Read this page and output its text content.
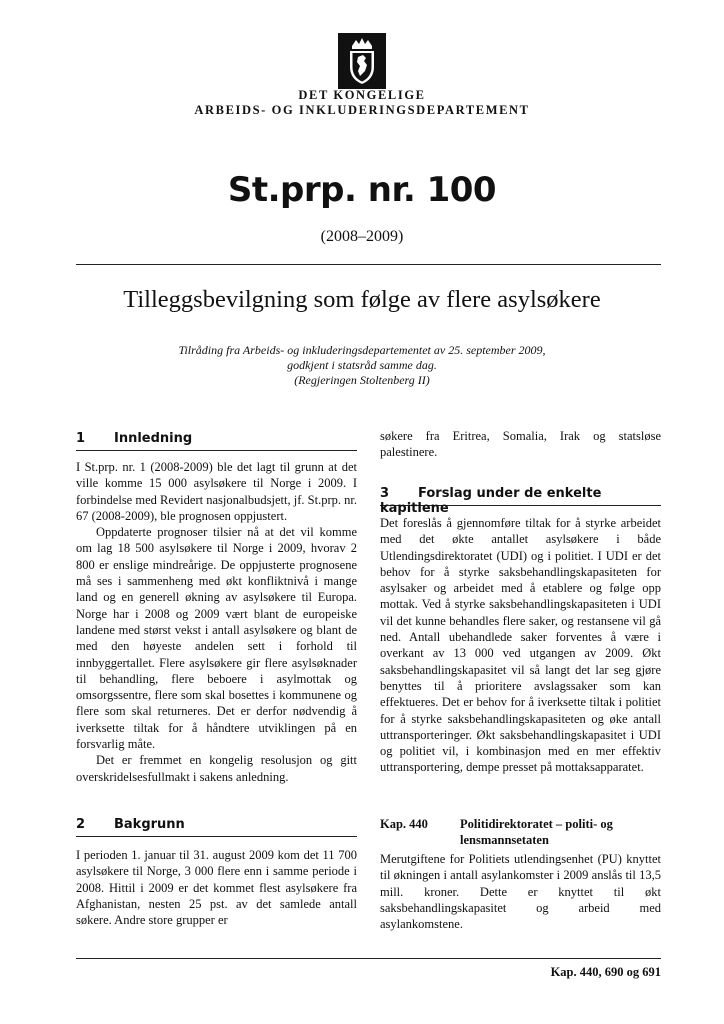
DET KONGELIGE
ARBEIDS- OG INKLUDERINGSDEPARTEMENT
St.prp. nr. 100
(2008–2009)
Tilleggsbevilgning som følge av flere asylsøkere
Tilråding fra Arbeids- og inkluderingsdepartementet av 25. september 2009,
godkjent i statsråd samme dag.
(Regjeringen Stoltenberg II)
1 Innledning

I St.prp. nr. 1 (2008-2009) ble det lagt til grunn at det ville komme 15 000 asylsøkere til Norge i 2009. I forbindelse med Revidert nasjonalbudsjett, jf. St.prp. nr. 67 (2008-2009), ble prognosen oppjustert.

Oppdaterte prognoser tilsier nå at det vil komme om lag 18 500 asylsøkere til Norge i 2009, hvorav 2 800 er enslige mindreårige. De oppjusterte prognosene må ses i sammenheng med økt konfliktnivå i mange land og en generell økning av asylsøkere til Europa. Norge har i 2008 og 2009 vært blant de europeiske landene med størst vekst i antall asylsøkere og blant de med den høyeste andelen sett i forhold til innbyggertallet. Flere asylsøkere gir flere asylsøknader til behandling, flere beboere i asylmottak og omsorgssentre, flere som skal bosettes i kommunene og flere som skal returneres. Det er derfor nødvendig å iverksette tiltak for å håndtere utviklingen på en forsvarlig måte.

Det er fremmet en kongelig resolusjon og gitt overskridelsesfullmakt i sakens anledning.

2 Bakgrunn

I perioden 1. januar til 31. august 2009 kom det 11 700 asylsøkere til Norge, 3 000 flere enn i samme periode i 2008. Hittil i 2009 er det kommet flest asylsøkere fra Afghanistan, nesten 25 pst. av det samlede antall søkere. Andre store grupper er

søkere fra Eritrea, Somalia, Irak og statsløse palestinere.

3 Forslag under de enkelte kapitlene

Det foreslås å gjennomføre tiltak for å styrke arbeidet med det økte antallet asylsøkere i både Utlendingsdirektoratet (UDI) og i politiet. I UDI er det behov for å styrke saksbehandlingskapasiteten for asylsaker og arbeidet med å etablere og følge opp mottak. Ved å styrke saksbehandlingskapasiteten i UDI vil det kunne behandles flere saker, og restansene vil gå ned. Antall ubehandlede saker forventes å være i overkant av 13 000 ved utgangen av 2009. Økt saksbehandlingskapasitet vil så langt det lar seg gjøre benyttes til å prioritere avslagssaker som kan effektueres. Det er behov for å iverksette tiltak i politiet for å styrke saksbehandlingskapasiteten og øke antall uttransporteringer. Økt saksbehandlingskapasitet i UDI og politiet vil, i kombinasjon med en mer effektiv uttransportering, dempe presset på mottaksapparatet.

Kap. 440	Politidirektoratet – politi- og lensmannsetaten

Merutgiftene for Politiets utlendingsenhet (PU) knyttet til økningen i antall asylankomster i 2009 anslås til 13,5 mill. kroner. Dette er knyttet til økt saksbehandlingskapasitet og arbeid med asylankomstene.

Kap. 440, 690 og 691
